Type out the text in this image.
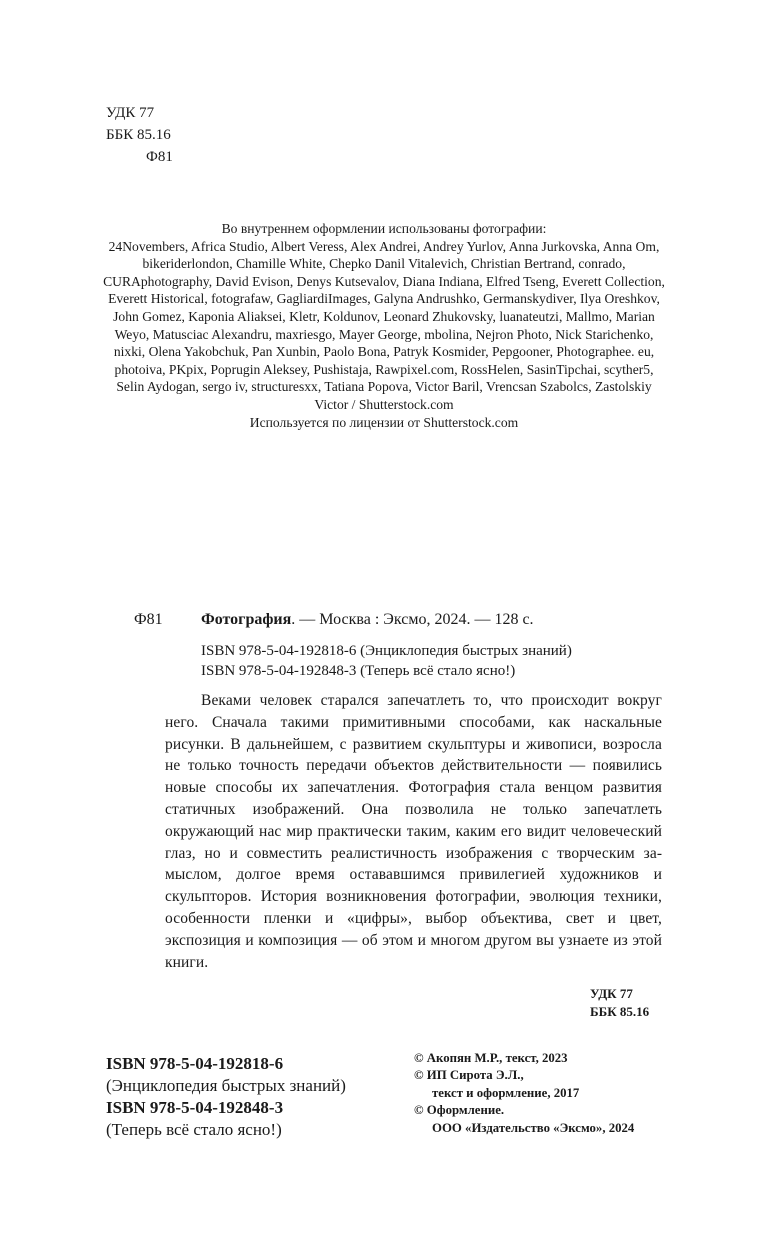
УДК 77
ББК 85.16
Ф81

Во внутреннем оформлении использованы фотографии:

24Novembers, Africa Studio, Albert Veress, Alex Andrei, Andrey Yurlov, Anna Jurkovska, Anna Om, bikeriderlondon, Chamille White, Chepko Danil Vitalevich, Christian Bertrand, conrado, CURAphotography, David Evison, Denys Kutsevalov, Diana Indiana, Elfred Tseng, Everett Collection, Everett Historical, fotografaw, GagliardiImages, Galyna Andrushko, Germanskydiver, Ilya Oreshkov, John Gomez, Kaponia Aliaksei, Kletr, Koldunov, Leonard Zhukovsky, luanateutzi, Mallmo, Marian Weyo, Matusciac Alexandru, maxriesgo, Mayer George, mbolina, Nejron Photo, Nick Starichenko, nixki, Olena Yakobchuk, Pan Xunbin, Paolo Bona, Patryk Kosmider, Pepgooner, Photographee. eu, photoiva, PKpix, Poprugin Aleksey, Pushistaja, Rawpixel.com, RossHelen, SasinTipchai, scyther5, Selin Aydogan, sergo iv, structuresxx, Tatiana Popova, Victor Baril, Vrencsan Szabolcs, Zastolskiy Victor / Shutterstock.com

Используется по лицензии от Shutterstock.com

Ф81 Фотография. — Москва : Эксмо, 2024. — 128 с.
ISBN 978-5-04-192818-6 (Энциклопедия быстрых знаний)
ISBN 978-5-04-192848-3 (Теперь всё стало ясно!)
Веками человек старался запечатлеть то, что происходит вокруг него. Сначала такими примитивными способами, как наскальные рисунки. В дальнейшем, с развитием скульптуры и живописи, возросла не только точность передачи объектов действительности — появились новые способы их запечатления. Фотография стала венцом развития статичных изображений. Она позволила не только запечатлеть окружающий нас мир практически таким, каким его видит человеческий глаз, но и совместить реалистичность изображения с творческим замыслом, долгое время остававшимся привилегией художников и скульпторов. История возникновения фотографии, эволюция техники, особенности пленки и «цифры», выбор объектива, свет и цвет, экспозиция и композиция — об этом и многом другом вы узнаете из этой книги.
УДК 77
ББК 85.16
ISBN 978-5-04-192818-6
(Энциклопедия быстрых знаний)
ISBN 978-5-04-192848-3
(Теперь всё стало ясно!)
© Акопян М.Р., текст, 2023
© ИП Сирота Э.Л.,
текст и оформление, 2017
© Оформление.
ООО «Издательство «Эксмо», 2024
